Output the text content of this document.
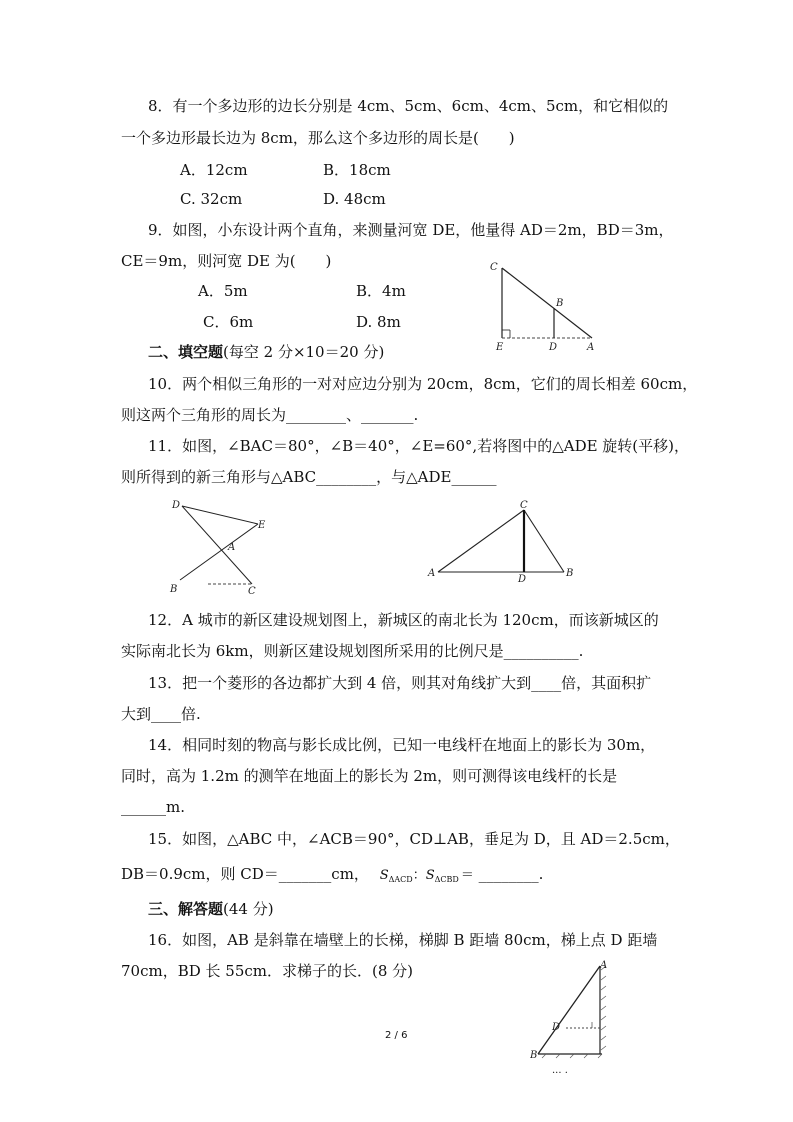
8．有一个多边形的边长分别是 4cm、5cm、6cm、4cm、5cm，和它相似的
一个多边形最长边为 8cm，那么这个多边形的周长是(　　)
A．12cm	B．18cm
C. 32cm	D. 48cm
9．如图，小东设计两个直角，来测量河宽 DE，他量得 AD＝2m，BD＝3m，
CE＝9m，则河宽 DE 为(　　)
A．5m	B．4m
C．6m	D. 8m
C
B
E	D	A
二、填空题(每空 2 分×10＝20 分)
10．两个相似三角形的一对对应边分别为 20cm，8cm，它们的周长相差 60cm，
则这两个三角形的周长为________、_______.
11．如图，∠BAC＝80°，∠B＝40°，∠E=60°,若将图中的△ADE 旋转(平移)，
则所得到的新三角形与△ABC________，与△ADE______
D
E
A
B	C
C
A
D
B
12．A 城市的新区建设规划图上，新城区的南北长为 120cm，而该新城区的
实际南北长为 6km，则新区建设规划图所采用的比例尺是__________.
13．把一个菱形的各边都扩大到 4 倍，则其对角线扩大到____倍，其面积扩
大到____倍.
14．相同时刻的物高与影长成比例，已知一电线杆在地面上的影长为 30m，
同时，高为 1.2m 的测竿在地面上的影长为 2m，则可测得该电线杆的长是
______m.
15．如图，△ABC 中，∠ACB＝90°，CD⊥AB，垂足为 D，且 AD＝2.5cm，
DB＝0.9cm，则 CD＝_______cm， $S_{\Delta ACD}$：$S_{\Delta CBD}$ ＝ ________.
三、解答题(44 分)
16．如图，AB 是斜靠在墙壁上的长梯，梯脚 B 距墙 80cm，梯上点 D 距墙
70cm，BD 长 55cm．求梯子的长．(8 分)	A
D
B
··· ·
2 / 6
